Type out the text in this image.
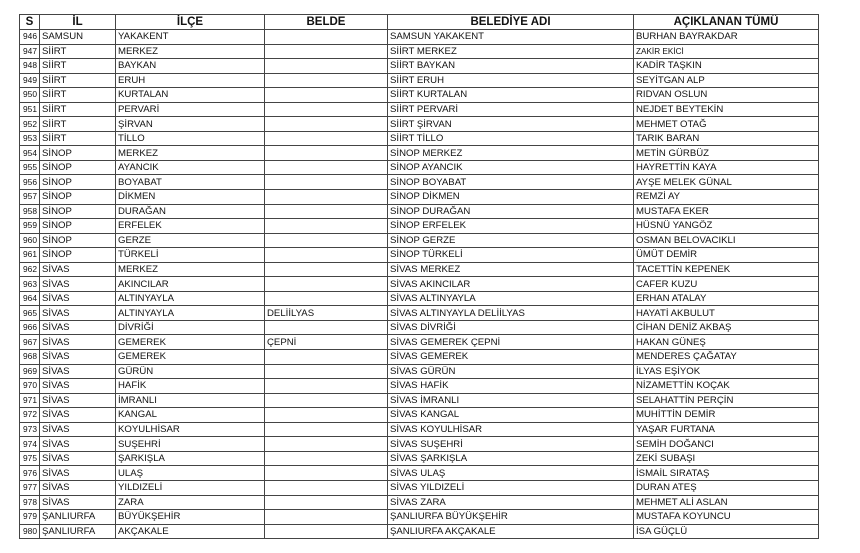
S	İL	İLÇE	BELDE	BELEDİYE ADI	AÇIKLANAN TÜMÜ
946	SAMSUN	YAKAKENT		SAMSUN YAKAKENT	BURHAN BAYRAKDAR
947	SİİRT	MERKEZ		SİİRT MERKEZ	ZAKİR EKİCİ
948	SİİRT	BAYKAN		SİİRT BAYKAN	KADİR TAŞKIN
949	SİİRT	ERUH		SİİRT ERUH	SEYİTGAN ALP
950	SİİRT	KURTALAN		SİİRT KURTALAN	RIDVAN OSLUN
951	SİİRT	PERVARİ		SİİRT PERVARİ	NEJDET BEYTEKİN
952	SİİRT	ŞİRVAN		SİİRT ŞİRVAN	MEHMET OTAĞ
953	SİİRT	TİLLO		SİİRT TİLLO	TARIK BARAN
954	SİNOP	MERKEZ		SİNOP MERKEZ	METİN GÜRBÜZ
955	SİNOP	AYANCIK		SİNOP AYANCIK	HAYRETTİN KAYA
956	SİNOP	BOYABAT		SİNOP BOYABAT	AYŞE MELEK GÜNAL
957	SİNOP	DİKMEN		SİNOP DİKMEN	REMZİ AY
958	SİNOP	DURAĞAN		SİNOP DURAĞAN	MUSTAFA EKER
959	SİNOP	ERFELEK		SİNOP ERFELEK	HÜSNÜ YANGÖZ
960	SİNOP	GERZE		SİNOP GERZE	OSMAN BELOVACIKLI
961	SİNOP	TÜRKELİ		SİNOP TÜRKELİ	ÜMÜT DEMİR
962	SİVAS	MERKEZ		SİVAS MERKEZ	TACETTİN KEPENEK
963	SİVAS	AKINCILAR		SİVAS AKINCILAR	CAFER KUZU
964	SİVAS	ALTINYAYLA		SİVAS ALTINYAYLA	ERHAN ATALAY
965	SİVAS	ALTINYAYLA	DELİİLYAS	SİVAS ALTINYAYLA DELİİLYAS	HAYATİ AKBULUT
966	SİVAS	DİVRİĞİ		SİVAS DİVRİĞİ	CİHAN DENİZ AKBAŞ
967	SİVAS	GEMEREK	ÇEPNİ	SİVAS GEMEREK ÇEPNİ	HAKAN GÜNEŞ
968	SİVAS	GEMEREK		SİVAS GEMEREK	MENDERES ÇAĞATAY
969	SİVAS	GÜRÜN		SİVAS GÜRÜN	İLYAS EŞİYOK
970	SİVAS	HAFİK		SİVAS HAFİK	NİZAMETTİN KOÇAK
971	SİVAS	İMRANLI		SİVAS İMRANLI	SELAHATTİN PERÇİN
972	SİVAS	KANGAL		SİVAS KANGAL	MUHİTTİN DEMİR
973	SİVAS	KOYULHİSAR		SİVAS KOYULHİSAR	YAŞAR FURTANA
974	SİVAS	SUŞEHRİ		SİVAS SUŞEHRİ	SEMİH DOĞANCI
975	SİVAS	ŞARKIŞLA		SİVAS ŞARKIŞLA	ZEKİ SUBAŞI
976	SİVAS	ULAŞ		SİVAS ULAŞ	İSMAİL SIRATAŞ
977	SİVAS	YILDIZELİ		SİVAS YILDIZELİ	DURAN ATEŞ
978	SİVAS	ZARA		SİVAS ZARA	MEHMET ALİ ASLAN
979	ŞANLIURFA	BÜYÜKŞEHİR		ŞANLIURFA BÜYÜKŞEHİR	MUSTAFA KOYUNCU
980	ŞANLIURFA	AKÇAKALE		ŞANLIURFA AKÇAKALE	İSA GÜÇLÜ
